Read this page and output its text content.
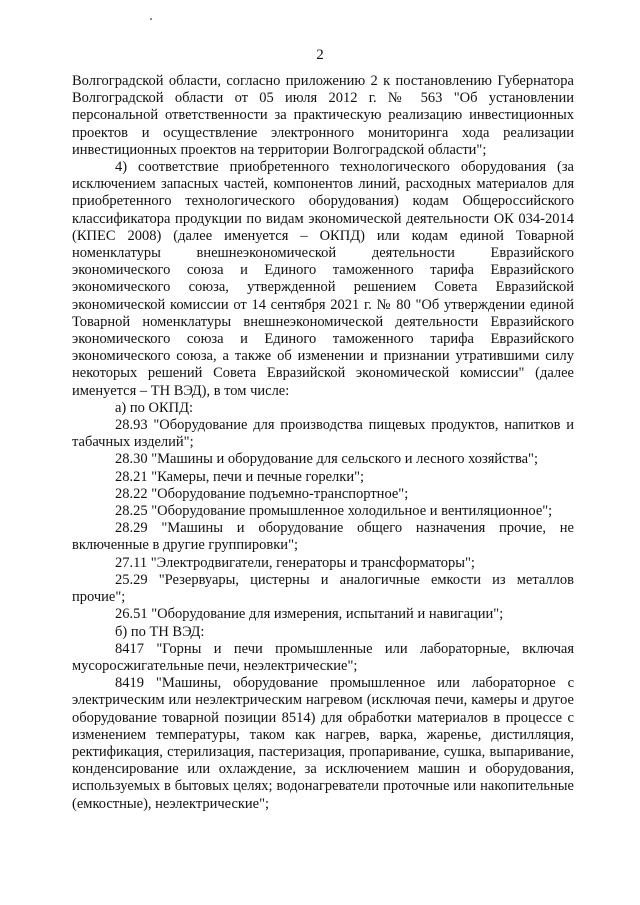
2

Волгоградской области, согласно приложению 2 к постановлению Губернатора Волгоградской области от 05 июля 2012 г. № 563 "Об установлении персональной ответственности за практическую реализацию инвестиционных проектов и осуществление электронного мониторинга хода реализации инвестиционных проектов на территории Волгоградской области";

4) соответствие приобретенного технологического оборудования (за исключением запасных частей, компонентов линий, расходных материалов для приобретенного технологического оборудования) кодам Общероссийского классификатора продукции по видам экономической деятельности ОК 034-2014 (КПЕС 2008) (далее именуется – ОКПД) или кодам единой Товарной номенклатуры внешнеэкономической деятельности Евразийского экономического союза и Единого таможенного тарифа Евразийского экономического союза, утвержденной решением Совета Евразийской экономической комиссии от 14 сентября 2021 г. № 80 "Об утверждении единой Товарной номенклатуры внешнеэкономической деятельности Евразийского экономического союза и Единого таможенного тарифа Евразийского экономического союза, а также об изменении и признании утратившими силу некоторых решений Совета Евразийской экономической комиссии" (далее именуется – ТН ВЭД), в том числе:

а) по ОКПД:

28.93 "Оборудование для производства пищевых продуктов, напитков и табачных изделий";

28.30 "Машины и оборудование для сельского и лесного хозяйства";

28.21 "Камеры, печи и печные горелки";

28.22 "Оборудование подъемно-транспортное";

28.25 "Оборудование промышленное холодильное и вентиляционное";

28.29 "Машины и оборудование общего назначения прочие, не включенные в другие группировки";

27.11 "Электродвигатели, генераторы и трансформаторы";

25.29 "Резервуары, цистерны и аналогичные емкости из металлов прочие";

26.51 "Оборудование для измерения, испытаний и навигации";

б) по ТН ВЭД:

8417 "Горны и печи промышленные или лабораторные, включая мусоросжигательные печи, неэлектрические";

8419 "Машины, оборудование промышленное или лабораторное с электрическим или неэлектрическим нагревом (исключая печи, камеры и другое оборудование товарной позиции 8514) для обработки материалов в процессе с изменением температуры, таком как нагрев, варка, жаренье, дистилляция, ректификация, стерилизация, пастеризация, пропаривание, сушка, выпаривание, конденсирование или охлаждение, за исключением машин и оборудования, используемых в бытовых целях; водонагреватели проточные или накопительные (емкостные), неэлектрические";
